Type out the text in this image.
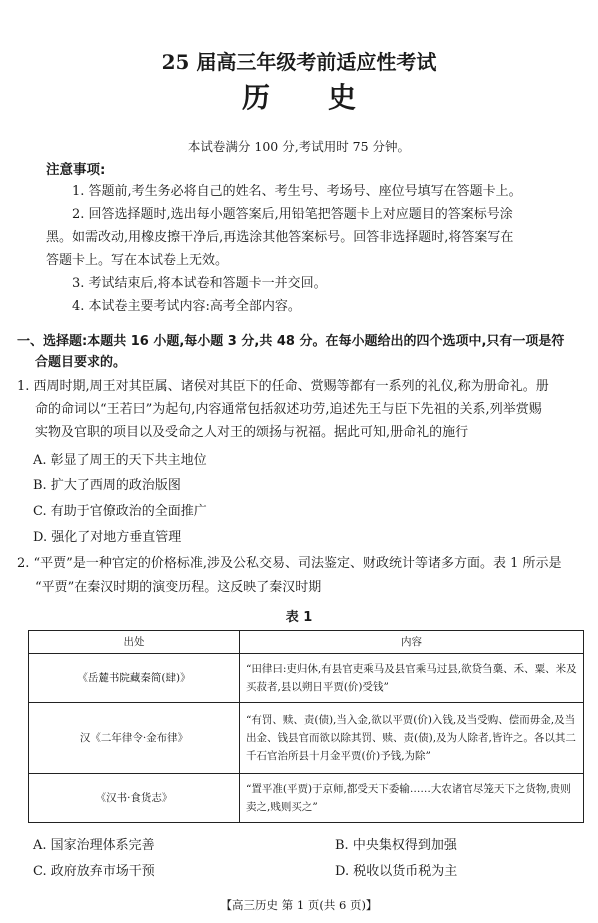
25 届高三年级考前适应性考试
历史
本试卷满分 100 分,考试用时 75 分钟。
注意事项:
1. 答题前,考生务必将自己的姓名、考生号、考场号、座位号填写在答题卡上。
2. 回答选择题时,选出每小题答案后,用铅笔把答题卡上对应题目的答案标号涂
黑。如需改动,用橡皮擦干净后,再选涂其他答案标号。回答非选择题时,将答案写在
答题卡上。写在本试卷上无效。
3. 考试结束后,将本试卷和答题卡一并交回。
4. 本试卷主要考试内容:高考全部内容。
一、选择题:本题共 16 小题,每小题 3 分,共 48 分。在每小题给出的四个选项中,只有一项是符
合题目要求的。
1. 西周时期,周王对其臣属、诸侯对其臣下的任命、赏赐等都有一系列的礼仪,称为册命礼。册
命的命词以“王若曰”为起句,内容通常包括叙述功劳,追述先王与臣下先祖的关系,列举赏赐
实物及官职的项目以及受命之人对王的颂扬与祝福。据此可知,册命礼的施行
A. 彰显了周王的天下共主地位
B. 扩大了西周的政治版图
C. 有助于官僚政治的全面推广
D. 强化了对地方垂直管理
2. “平贾”是一种官定的价格标准,涉及公私交易、司法鉴定、财政统计等诸多方面。表 1 所示是
“平贾”在秦汉时期的演变历程。这反映了秦汉时期
表 1
出处	内容
《岳麓书院藏秦简(肆)》	“田律曰:吏归休,有县官吏乘马及县官乘马过县,欲贷刍稾、禾、粟、米及买菽者,县以朔日平贾(价)受钱”
汉《二年律令·金布律》	“有罚、赎、责(债),当入金,欲以平贾(价)入钱,及当受购、偿而毋金,及当出金、钱县官而欲以除其罚、赎、责(债),及为人除者,皆许之。各以其二千石官治所县十月金平贾(价)予钱,为除”
《汉书·食货志》	“置平准(平贾)于京师,都受天下委输……大农诸官尽笼天下之货物,贵则卖之,贱则买之”
A. 国家治理体系完善	B. 中央集权得到加强
C. 政府放弃市场干预	D. 税收以货币税为主
【高三历史 第 1 页(共 6 页)】
